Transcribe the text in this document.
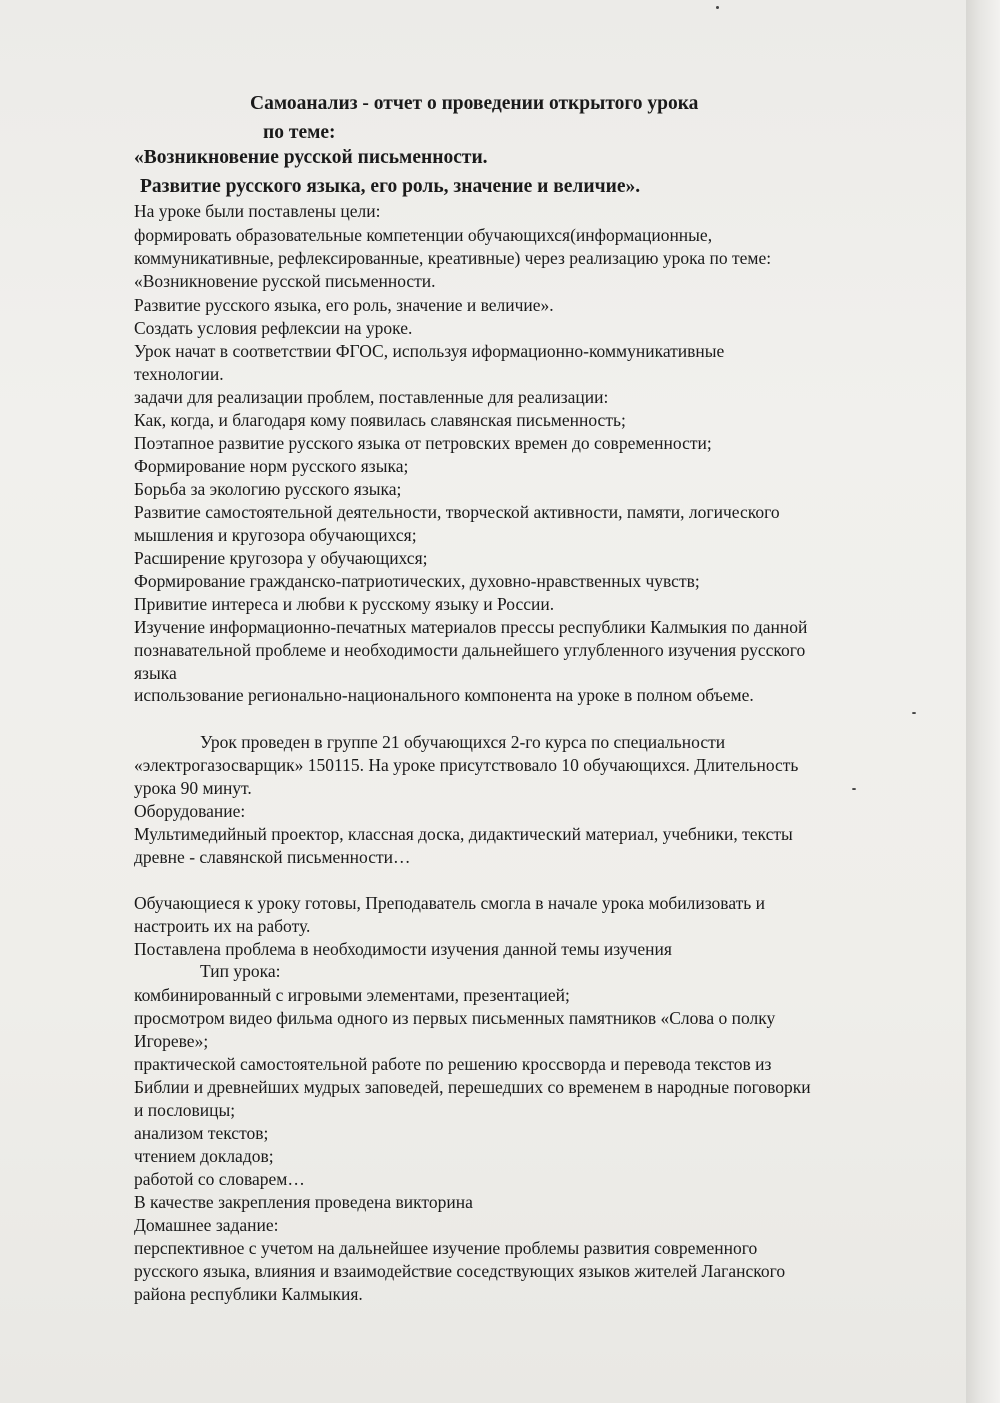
Самоанализ - отчет о проведении открытого урока
по теме:
«Возникновение русской письменности.
Развитие русского языка, его роль, значение и величие».
На уроке были поставлены цели:
формировать образовательные компетенции обучающихся(информационные,
коммуникативные, рефлексированные, креативные) через реализацию урока по теме:
«Возникновение русской письменности.
Развитие русского языка, его роль, значение и величие».
Создать условия рефлексии на уроке.
Урок начат в соответствии ФГОС, используя иформационно-коммуникативные
технологии.
задачи для реализации проблем, поставленные для реализации:
Как, когда, и благодаря кому появилась славянская письменность;
Поэтапное развитие русского языка от петровских времен до современности;
Формирование норм русского языка;
Борьба за экологию русского языка;
Развитие самостоятельной деятельности, творческой активности, памяти, логического
мышления и кругозора обучающихся;
Расширение кругозора у обучающихся;
Формирование гражданско-патриотических, духовно-нравственных чувств;
Привитие интереса и любви к русскому языку и России.
Изучение информационно-печатных материалов прессы республики Калмыкия по данной
познавательной проблеме и необходимости дальнейшего углубленного изучения русского
языка
использование регионально-национального компонента на уроке в полном объеме.
Урок проведен в группе 21 обучающихся 2-го курса по специальности
«электрогазосварщик» 150115. На уроке присутствовало 10 обучающихся. Длительность
урока 90 минут.
Оборудование:
Мультимедийный проектор, классная доска, дидактический материал, учебники, тексты
древне - славянской письменности…
Обучающиеся к уроку готовы, Преподаватель смогла в начале урока мобилизовать и
настроить их на работу.
Поставлена проблема в необходимости изучения данной темы изучения
Тип урока:
комбинированный с игровыми элементами, презентацией;
просмотром видео фильма одного из первых письменных памятников «Слова о полку
Игореве»;
практической самостоятельной работе по решению кроссворда и перевода текстов из
Библии и древнейших мудрых заповедей, перешедших со временем в народные поговорки
и пословицы;
анализом текстов;
чтением докладов;
работой со словарем…
В качестве закрепления проведена викторина
Домашнее задание:
перспективное с учетом на дальнейшее изучение проблемы развития современного
русского языка, влияния и взаимодействие соседствующих языков жителей Лаганского
района республики Калмыкия.
